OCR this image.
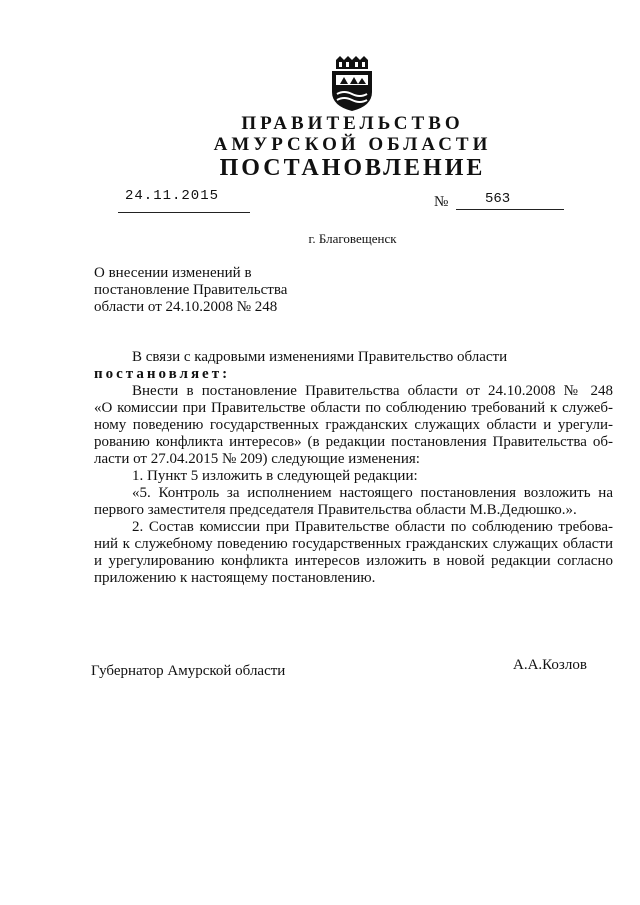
ПРАВИТЕЛЬСТВО
АМУРСКОЙ ОБЛАСТИ
ПОСТАНОВЛЕНИЕ
24.11.2015	№	563
г. Благовещенск
О внесении изменений в
постановление Правительства
области от 24.10.2008 № 248
В связи с кадровыми изменениями Правительство области
постановляет:
Внести в постановление Правительства области от 24.10.2008 № 248
«О комиссии при Правительстве области по соблюдению требований к служеб-
ному поведению государственных гражданских служащих области и урегули-
рованию конфликта интересов» (в редакции постановления Правительства об-
ласти от 27.04.2015 № 209) следующие изменения:
1. Пункт 5 изложить в следующей редакции:
«5. Контроль за исполнением настоящего постановления возложить на
первого заместителя председателя Правительства области М.В.Дедюшко.».
2. Состав комиссии при Правительстве области по соблюдению требова-
ний к служебному поведению государственных гражданских служащих области
и урегулированию конфликта интересов изложить в новой редакции согласно
приложению к настоящему постановлению.
Губернатор Амурской области	А.А.Козлов
